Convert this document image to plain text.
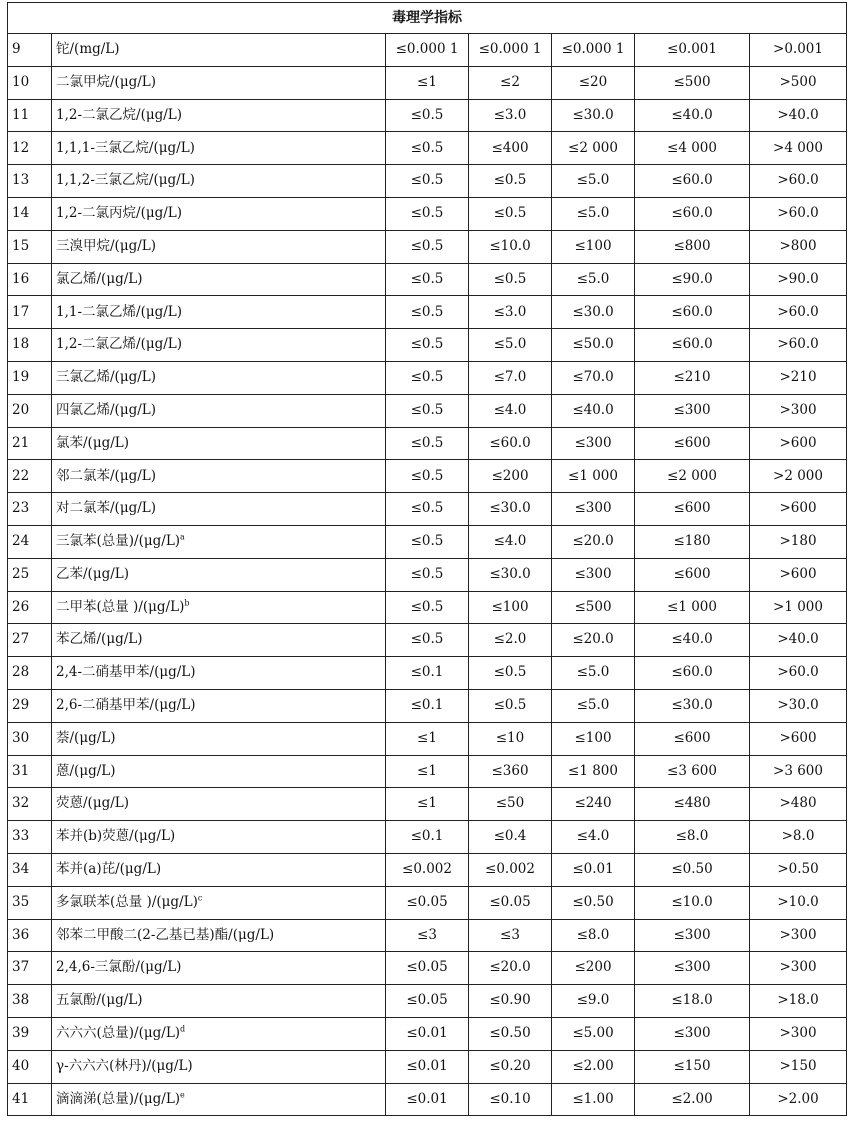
毒理学指标						
9	铊/(mg/L)	≤0.000 1	≤0.000 1	≤0.000 1	≤0.001	>0.001
10	二氯甲烷/(μg/L)	≤1	≤2	≤20	≤500	>500
11	1,2-二氯乙烷/(μg/L)	≤0.5	≤3.0	≤30.0	≤40.0	>40.0
12	1,1,1-三氯乙烷/(μg/L)	≤0.5	≤400	≤2 000	≤4 000	>4 000
13	1,1,2-三氯乙烷/(μg/L)	≤0.5	≤0.5	≤5.0	≤60.0	>60.0
14	1,2-二氯丙烷/(μg/L)	≤0.5	≤0.5	≤5.0	≤60.0	>60.0
15	三溴甲烷/(μg/L)	≤0.5	≤10.0	≤100	≤800	>800
16	氯乙烯/(μg/L)	≤0.5	≤0.5	≤5.0	≤90.0	>90.0
17	1,1-二氯乙烯/(μg/L)	≤0.5	≤3.0	≤30.0	≤60.0	>60.0
18	1,2-二氯乙烯/(μg/L)	≤0.5	≤5.0	≤50.0	≤60.0	>60.0
19	三氯乙烯/(μg/L)	≤0.5	≤7.0	≤70.0	≤210	>210
20	四氯乙烯/(μg/L)	≤0.5	≤4.0	≤40.0	≤300	>300
21	氯苯/(μg/L)	≤0.5	≤60.0	≤300	≤600	>600
22	邻二氯苯/(μg/L)	≤0.5	≤200	≤1 000	≤2 000	>2 000
23	对二氯苯/(μg/L)	≤0.5	≤30.0	≤300	≤600	>600
24	三氯苯(总量)/(μg/L)$^a$	≤0.5	≤4.0	≤20.0	≤180	>180
25	乙苯/(μg/L)	≤0.5	≤30.0	≤300	≤600	>600
26	二甲苯(总量 )/(μg/L)$^b$	≤0.5	≤100	≤500	≤1 000	>1 000
27	苯乙烯/(μg/L)	≤0.5	≤2.0	≤20.0	≤40.0	>40.0
28	2,4-二硝基甲苯/(μg/L)	≤0.1	≤0.5	≤5.0	≤60.0	>60.0
29	2,6-二硝基甲苯/(μg/L)	≤0.1	≤0.5	≤5.0	≤30.0	>30.0
30	萘/(μg/L)	≤1	≤10	≤100	≤600	>600
31	蒽/(μg/L)	≤1	≤360	≤1 800	≤3 600	>3 600
32	荧蒽/(μg/L)	≤1	≤50	≤240	≤480	>480
33	苯并(b)荧蒽/(μg/L)	≤0.1	≤0.4	≤4.0	≤8.0	>8.0
34	苯并(a)芘/(μg/L)	≤0.002	≤0.002	≤0.01	≤0.50	>0.50
35	多氯联苯(总量 )/(μg/L)$^c$	≤0.05	≤0.05	≤0.50	≤10.0	>10.0
36	邻苯二甲酸二(2-乙基已基)酯/(μg/L)	≤3	≤3	≤8.0	≤300	>300
37	2,4,6-三氯酚/(μg/L)	≤0.05	≤20.0	≤200	≤300	>300
38	五氯酚/(μg/L)	≤0.05	≤0.90	≤9.0	≤18.0	>18.0
39	六六六(总量)/(μg/L)$^d$	≤0.01	≤0.50	≤5.00	≤300	>300
40	γ-六六六(林丹)/(μg/L)	≤0.01	≤0.20	≤2.00	≤150	>150
41	滴滴涕(总量)/(μg/L)$^e$	≤0.01	≤0.10	≤1.00	≤2.00	>2.00
